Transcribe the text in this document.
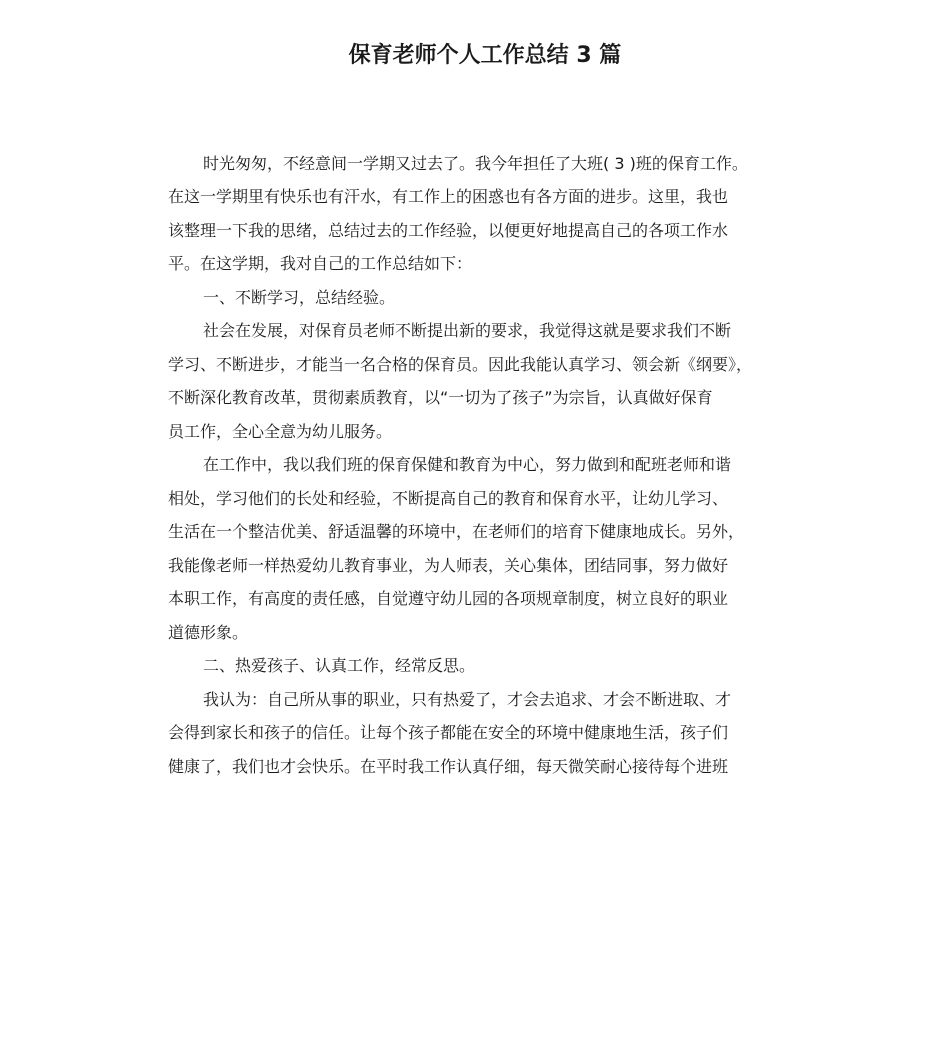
保育老师个人工作总结 3 篇
时光匆匆，不经意间一学期又过去了。我今年担任了大班( 3 )班的保育工作。
在这一学期里有快乐也有汗水，有工作上的困惑也有各方面的进步。这里，我也
该整理一下我的思绪，总结过去的工作经验，以便更好地提高自己的各项工作水
平。在这学期，我对自己的工作总结如下：
一、不断学习，总结经验。
社会在发展，对保育员老师不断提出新的要求，我觉得这就是要求我们不断
学习、不断进步，才能当一名合格的保育员。因此我能认真学习、领会新《纲要》，
不断深化教育改革，贯彻素质教育，以“一切为了孩子”为宗旨，认真做好保育
员工作，全心全意为幼儿服务。
在工作中，我以我们班的保育保健和教育为中心，努力做到和配班老师和谐
相处，学习他们的长处和经验，不断提高自己的教育和保育水平，让幼儿学习、
生活在一个整洁优美、舒适温馨的环境中，在老师们的培育下健康地成长。另外，
我能像老师一样热爱幼儿教育事业，为人师表，关心集体，团结同事，努力做好
本职工作，有高度的责任感，自觉遵守幼儿园的各项规章制度，树立良好的职业
道德形象。
二、热爱孩子、认真工作，经常反思。
我认为：自己所从事的职业，只有热爱了，才会去追求、才会不断进取、才
会得到家长和孩子的信任。让每个孩子都能在安全的环境中健康地生活，孩子们
健康了，我们也才会快乐。在平时我工作认真仔细，每天微笑耐心接待每个进班
